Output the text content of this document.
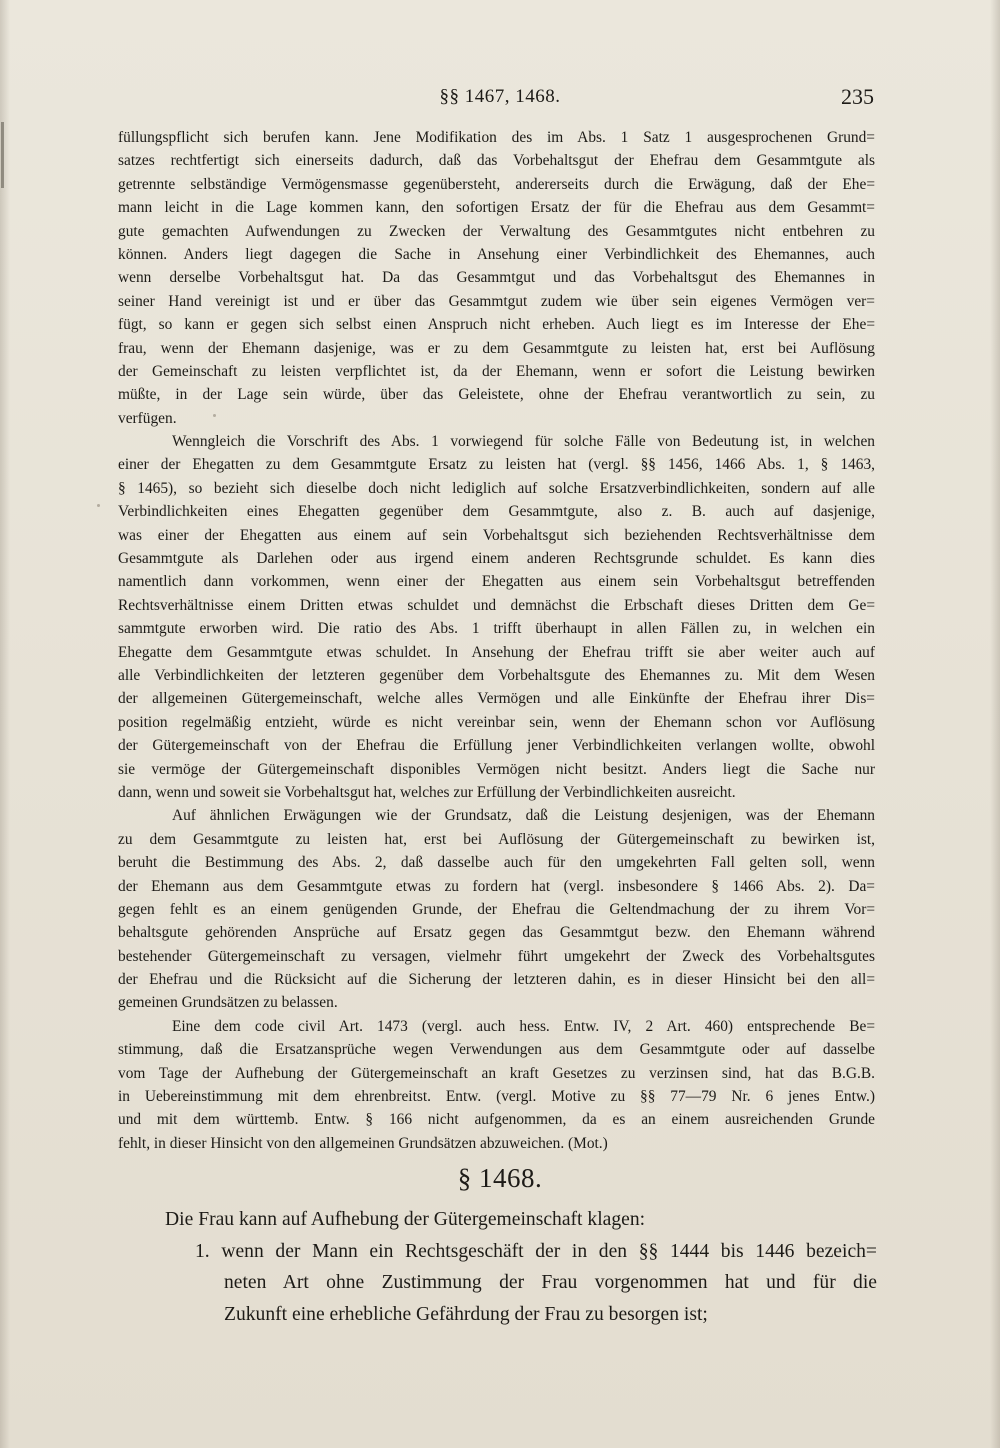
§§ 1467, 1468.	235
füllungspflicht sich berufen kann. Jene Modifikation des im Abs. 1 Satz 1 ausgesprochenen Grund=
satzes rechtfertigt sich einerseits dadurch, daß das Vorbehaltsgut der Ehefrau dem Gesammtgute als
getrennte selbständige Vermögensmasse gegenübersteht, andererseits durch die Erwägung, daß der Ehe=
mann leicht in die Lage kommen kann, den sofortigen Ersatz der für die Ehefrau aus dem Gesammt=
gute gemachten Aufwendungen zu Zwecken der Verwaltung des Gesammtgutes nicht entbehren zu
können. Anders liegt dagegen die Sache in Ansehung einer Verbindlichkeit des Ehemannes, auch
wenn derselbe Vorbehaltsgut hat. Da das Gesammtgut und das Vorbehaltsgut des Ehemannes in
seiner Hand vereinigt ist und er über das Gesammtgut zudem wie über sein eigenes Vermögen ver=
fügt, so kann er gegen sich selbst einen Anspruch nicht erheben. Auch liegt es im Interesse der Ehe=
frau, wenn der Ehemann dasjenige, was er zu dem Gesammtgute zu leisten hat, erst bei Auflösung
der Gemeinschaft zu leisten verpflichtet ist, da der Ehemann, wenn er sofort die Leistung bewirken
müßte, in der Lage sein würde, über das Geleistete, ohne der Ehefrau verantwortlich zu sein, zu
verfügen.
Wenngleich die Vorschrift des Abs. 1 vorwiegend für solche Fälle von Bedeutung ist, in welchen
einer der Ehegatten zu dem Gesammtgute Ersatz zu leisten hat (vergl. §§ 1456, 1466 Abs. 1, § 1463,
§ 1465), so bezieht sich dieselbe doch nicht lediglich auf solche Ersatzverbindlichkeiten, sondern auf alle
Verbindlichkeiten eines Ehegatten gegenüber dem Gesammtgute, also z. B. auch auf dasjenige,
was einer der Ehegatten aus einem auf sein Vorbehaltsgut sich beziehenden Rechtsverhältnisse dem
Gesammtgute als Darlehen oder aus irgend einem anderen Rechtsgrunde schuldet. Es kann dies
namentlich dann vorkommen, wenn einer der Ehegatten aus einem sein Vorbehaltsgut betreffenden
Rechtsverhältnisse einem Dritten etwas schuldet und demnächst die Erbschaft dieses Dritten dem Ge=
sammtgute erworben wird. Die ratio des Abs. 1 trifft überhaupt in allen Fällen zu, in welchen ein
Ehegatte dem Gesammtgute etwas schuldet. In Ansehung der Ehefrau trifft sie aber weiter auch auf
alle Verbindlichkeiten der letzteren gegenüber dem Vorbehaltsgute des Ehemannes zu. Mit dem Wesen
der allgemeinen Gütergemeinschaft, welche alles Vermögen und alle Einkünfte der Ehefrau ihrer Dis=
position regelmäßig entzieht, würde es nicht vereinbar sein, wenn der Ehemann schon vor Auflösung
der Gütergemeinschaft von der Ehefrau die Erfüllung jener Verbindlichkeiten verlangen wollte, obwohl
sie vermöge der Gütergemeinschaft disponibles Vermögen nicht besitzt. Anders liegt die Sache nur
dann, wenn und soweit sie Vorbehaltsgut hat, welches zur Erfüllung der Verbindlichkeiten ausreicht.
Auf ähnlichen Erwägungen wie der Grundsatz, daß die Leistung desjenigen, was der Ehemann
zu dem Gesammtgute zu leisten hat, erst bei Auflösung der Gütergemeinschaft zu bewirken ist,
beruht die Bestimmung des Abs. 2, daß dasselbe auch für den umgekehrten Fall gelten soll, wenn
der Ehemann aus dem Gesammtgute etwas zu fordern hat (vergl. insbesondere § 1466 Abs. 2). Da=
gegen fehlt es an einem genügenden Grunde, der Ehefrau die Geltendmachung der zu ihrem Vor=
behaltsgute gehörenden Ansprüche auf Ersatz gegen das Gesammtgut bezw. den Ehemann während
bestehender Gütergemeinschaft zu versagen, vielmehr führt umgekehrt der Zweck des Vorbehaltsgutes
der Ehefrau und die Rücksicht auf die Sicherung der letzteren dahin, es in dieser Hinsicht bei den all=
gemeinen Grundsätzen zu belassen.
Eine dem code civil Art. 1473 (vergl. auch hess. Entw. IV, 2 Art. 460) entsprechende Be=
stimmung, daß die Ersatzansprüche wegen Verwendungen aus dem Gesammtgute oder auf dasselbe
vom Tage der Aufhebung der Gütergemeinschaft an kraft Gesetzes zu verzinsen sind, hat das B.G.B.
in Uebereinstimmung mit dem ehrenbreitst. Entw. (vergl. Motive zu §§ 77—79 Nr. 6 jenes Entw.)
und mit dem württemb. Entw. § 166 nicht aufgenommen, da es an einem ausreichenden Grunde
fehlt, in dieser Hinsicht von den allgemeinen Grundsätzen abzuweichen. (Mot.)
§ 1468.
Die Frau kann auf Aufhebung der Gütergemeinschaft klagen:
1. wenn der Mann ein Rechtsgeschäft der in den §§ 1444 bis 1446 bezeich=
neten Art ohne Zustimmung der Frau vorgenommen hat und für die
Zukunft eine erhebliche Gefährdung der Frau zu besorgen ist;
